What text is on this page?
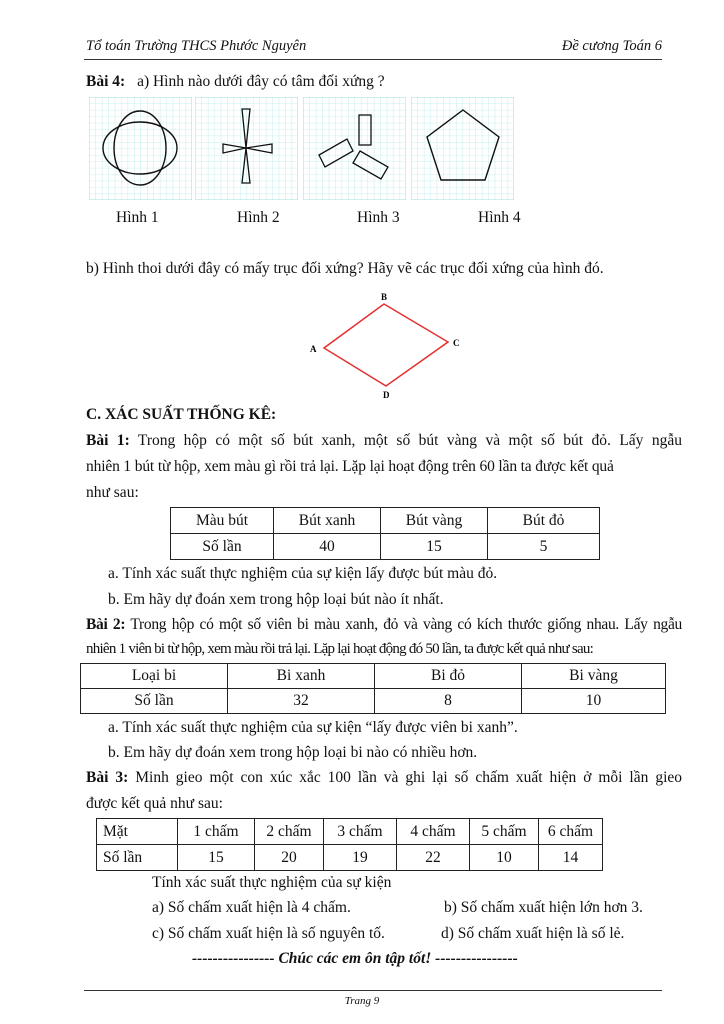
Tổ toán Trường THCS Phước Nguyên	Đề cương Toán 6
Bài 4: a) Hình nào dưới đây có tâm đối xứng ?
Hình 1	Hình 2	Hình 3	Hình 4
b) Hình thoi dưới đây có mấy trục đối xứng? Hãy vẽ các trục đối xứng của hình đó.
B
A
C
D
C. XÁC SUẤT THỐNG KÊ:
Bài 1: Trong hộp có một số bút xanh, một số bút vàng và một số bút đỏ. Lấy ngẫu
nhiên 1 bút từ hộp, xem màu gì rồi trả lại. Lặp lại hoạt động trên 60 lần ta được kết quả
như sau:
Màu bút	Bút xanh	Bút vàng	Bút đỏ
Số lần	40	15	5
a. Tính xác suất thực nghiệm của sự kiện lấy được bút màu đỏ.
b. Em hãy dự đoán xem trong hộp loại bút nào ít nhất.
Bài 2: Trong hộp có một số viên bi màu xanh, đỏ và vàng có kích thước giống nhau. Lấy ngẫu
nhiên 1 viên bi từ hộp, xem màu rồi trả lại. Lặp lại hoạt động đó 50 lần, ta được kết quả như sau:
Loại bi	Bi xanh	Bi đỏ	Bi vàng
Số lần	32	8	10
a. Tính xác suất thực nghiệm của sự kiện “lấy được viên bi xanh”.
b. Em hãy dự đoán xem trong hộp loại bi nào có nhiều hơn.
Bài 3: Minh gieo một con xúc xắc 100 lần và ghi lại số chấm xuất hiện ở mỗi lần gieo
được kết quả như sau:
Mặt	1 chấm	2 chấm	3 chấm	4 chấm	5 chấm	6 chấm
Số lần	15	20	19	22	10	14
Tính xác suất thực nghiệm của sự kiện
a) Số chấm xuất hiện là 4 chấm.	b) Số chấm xuất hiện lớn hơn 3.
c) Số chấm xuất hiện là số nguyên tố.	d) Số chấm xuất hiện là số lẻ.
---------------- Chúc các em ôn tập tốt! ----------------
Trang 9
